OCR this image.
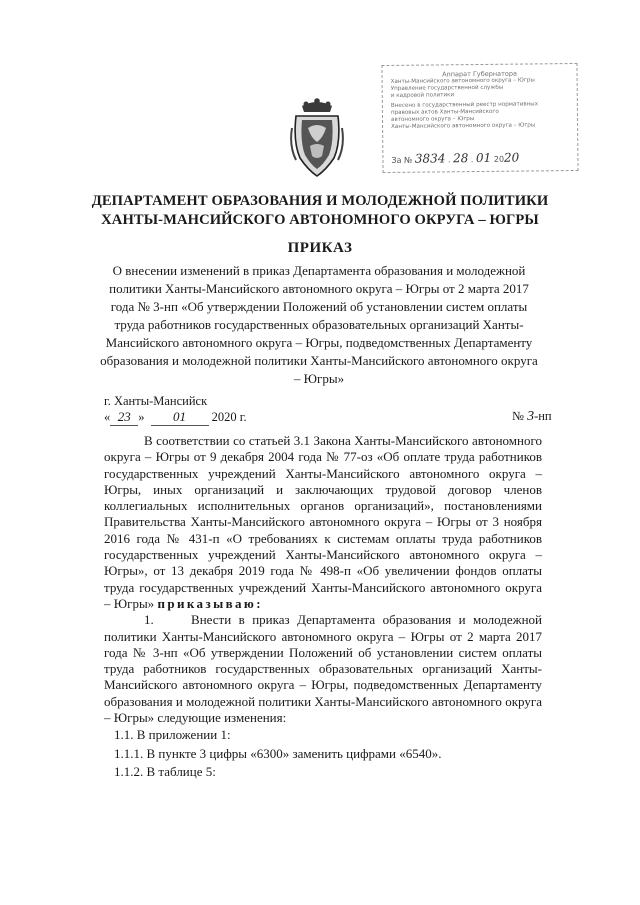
Аппарат Губернатора
Ханты-Мансийского автономного округа – Югры
Управление государственной службы
и кадровой политики
Внесено в государственный реестр нормативных
правовых актов Ханты-Мансийского
автономного округа – Югры
Ханты-Мансийского автономного округа – Югры
За № 3834 . 28 . 01 2020
ДЕПАРТАМЕНТ ОБРАЗОВАНИЯ И МОЛОДЕЖНОЙ ПОЛИТИКИ
ХАНТЫ-МАНСИЙСКОГО АВТОНОМНОГО ОКРУГА – ЮГРЫ
ПРИКАЗ
О внесении изменений в приказ Департамента образования и молодежной политики Ханты-Мансийского автономного округа – Югры от 2 марта 2017 года № 3-нп «Об утверждении Положений об установлении систем оплаты труда работников государственных образовательных организаций Ханты-Мансийского автономного округа – Югры, подведомственных Департаменту образования и молодежной политики Ханты-Мансийского автономного округа – Югры»
г. Ханты-Мансийск
« 23 » 01 2020 г.	№ 3-нп

В соответствии со статьей 3.1 Закона Ханты-Мансийского автономного округа – Югры от 9 декабря 2004 года № 77-оз «Об оплате труда работников государственных учреждений Ханты-Мансийского автономного округа – Югры, иных организаций и заключающих трудовой договор членов коллегиальных исполнительных органов организаций», постановлениями Правительства Ханты-Мансийского автономного округа – Югры от 3 ноября 2016 года № 431-п «О требованиях к системам оплаты труда работников государственных учреждений Ханты-Мансийского автономного округа – Югры», от 13 декабря 2019 года № 498-п «Об увеличении фондов оплаты труда государственных учреждений Ханты-Мансийского автономного округа – Югры» приказываю:

1.	Внести в приказ Департамента образования и молодежной политики Ханты-Мансийского автономного округа – Югры от 2 марта 2017 года № 3-нп «Об утверждении Положений об установлении систем оплаты труда работников государственных образовательных организаций Ханты-Мансийского автономного округа – Югры, подведомственных Департаменту образования и молодежной политики Ханты-Мансийского автономного округа – Югры» следующие изменения:

1.1. В приложении 1:

1.1.1. В пункте 3 цифры «6300» заменить цифрами «6540».

1.1.2. В таблице 5:
